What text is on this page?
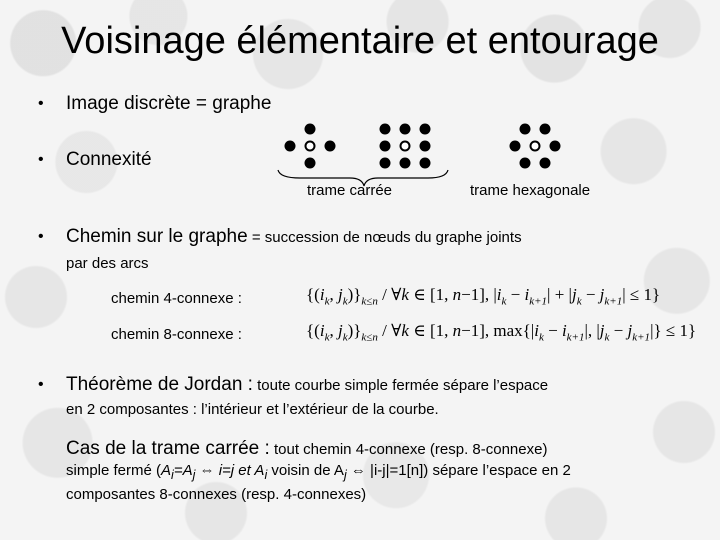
Voisinage élémentaire et entourage
• Image discrète = graphe
• Connexité
trame carrée	trame hexagonale
• Chemin sur le graphe = succession de nœuds du graphe joints
par des arcs
chemin 4-connexe :	{($i_k$, $j_k)\}_{k\le n}$ / ∀k ∈ [1, n−1], $|i_k - i_{k+1}| + |j_k - j_{k+1}| \le 1$}
chemin 8-connexe :	{($i_k$, $j_k)\}_{k\le n}$ / ∀k ∈ [1, n−1], $\max\{|i_k - i_{k+1}|$, $|j_k - j_{k+1}|\} \le 1$}
• Théorème de Jordan : toute courbe simple fermée sépare l’espace
en 2 composantes : l’intérieur et l’extérieur de la courbe.
Cas de la trame carrée : tout chemin 4-connexe (resp. 8-connexe)
simple fermé ($A_i=A_j$ ⇔ i=j et $A_i$ voisin de $A_j$ ⇔ |i-j|=1[n]) sépare l’espace en 2
composantes 8-connexes (resp. 4-connexes)
